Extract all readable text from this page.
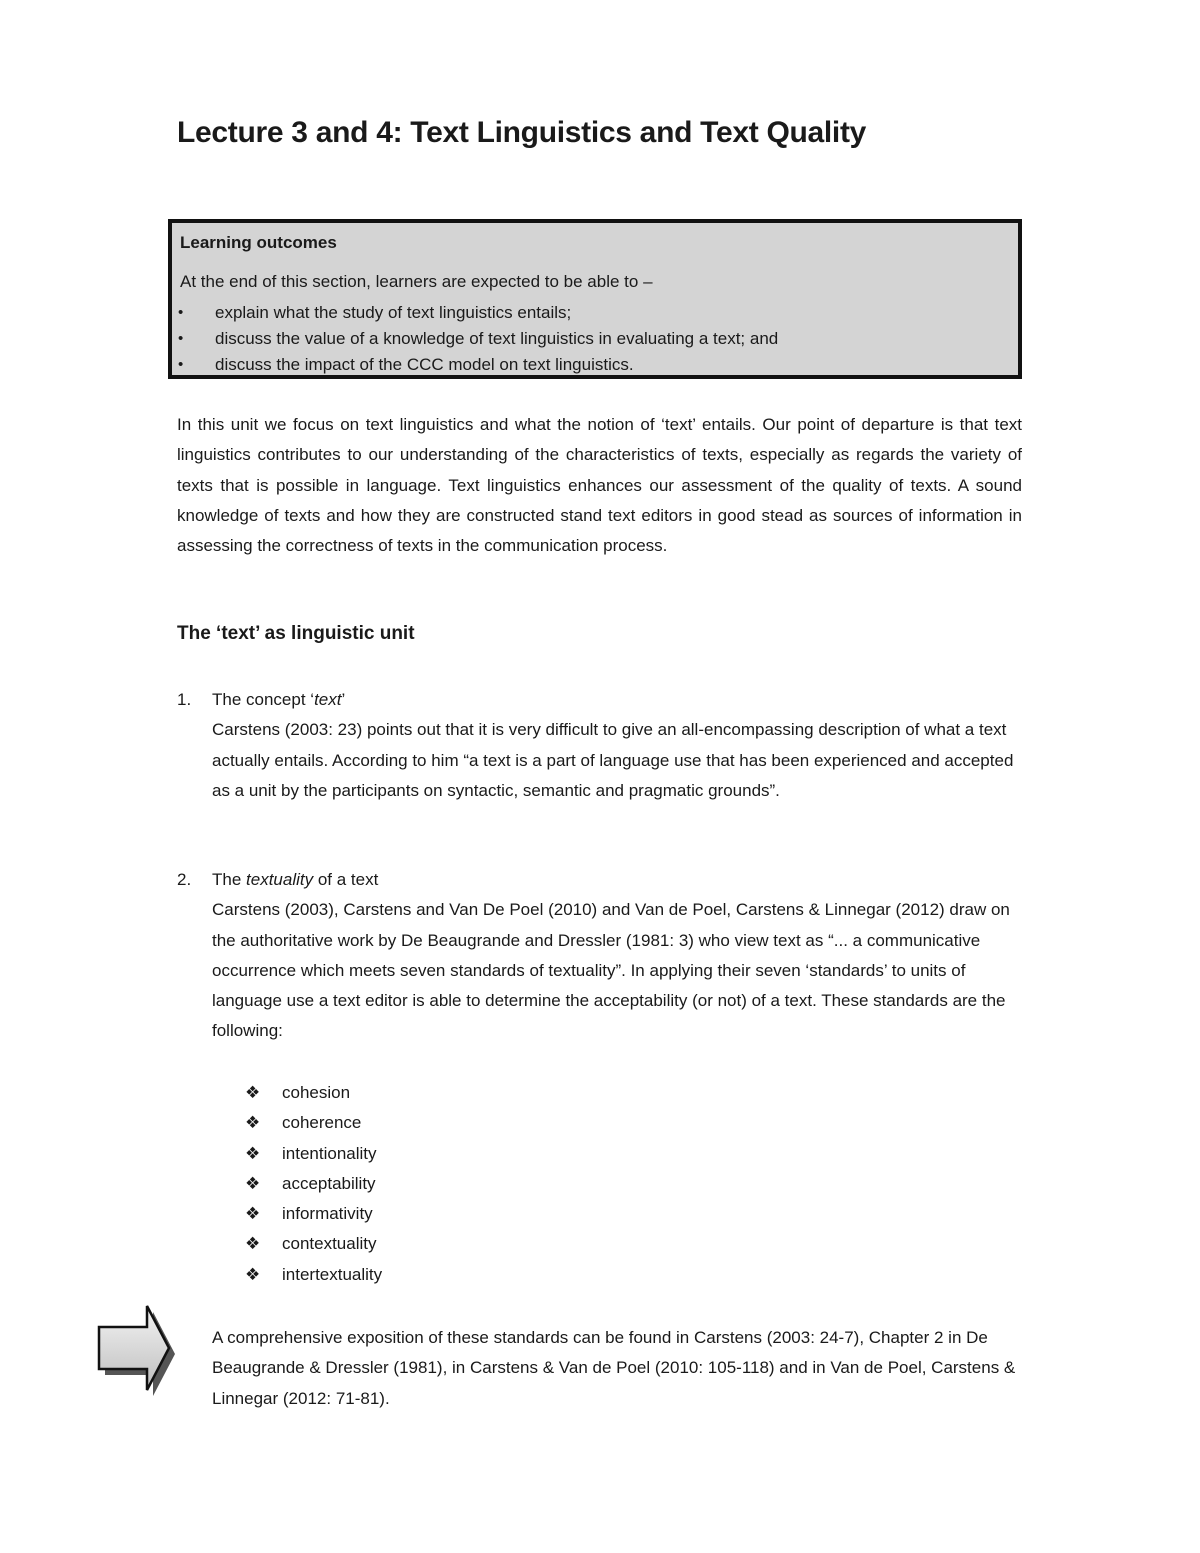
Lecture 3 and 4: Text Linguistics and Text Quality
Learning outcomes
At the end of this section, learners are expected to be able to –
• explain what the study of text linguistics entails;
• discuss the value of a knowledge of text linguistics in evaluating a text; and
• discuss the impact of the CCC model on text linguistics.

In this unit we focus on text linguistics and what the notion of ‘text’ entails. Our point of departure is that text linguistics contributes to our understanding of the characteristics of texts, especially as regards the variety of texts that is possible in language. Text linguistics enhances our assessment of the quality of texts. A sound knowledge of texts and how they are constructed stand text editors in good stead as sources of information in assessing the correctness of texts in the communication process.

The ‘text’ as linguistic unit
1. The concept ‘text’

Carstens (2003: 23) points out that it is very difficult to give an all-encompassing description of what a text actually entails. According to him “a text is a part of language use that has been experienced and accepted as a unit by the participants on syntactic, semantic and pragmatic grounds”.

2. The textuality of a text

Carstens (2003), Carstens and Van De Poel (2010) and Van de Poel, Carstens & Linnegar (2012) draw on the authoritative work by De Beaugrande and Dressler (1981: 3) who view text as “... a communicative occurrence which meets seven standards of textuality”. In applying their seven ‘standards’ to units of language use a text editor is able to determine the acceptability (or not) of a text. These standards are the following:

❖ cohesion
❖ coherence
❖ intentionality
❖ acceptability
❖ informativity
❖ contextuality
❖ intertextuality

A comprehensive exposition of these standards can be found in Carstens (2003: 24-7), Chapter 2 in De Beaugrande & Dressler (1981), in Carstens & Van de Poel (2010: 105-118) and in Van de Poel, Carstens & Linnegar (2012: 71-81).
